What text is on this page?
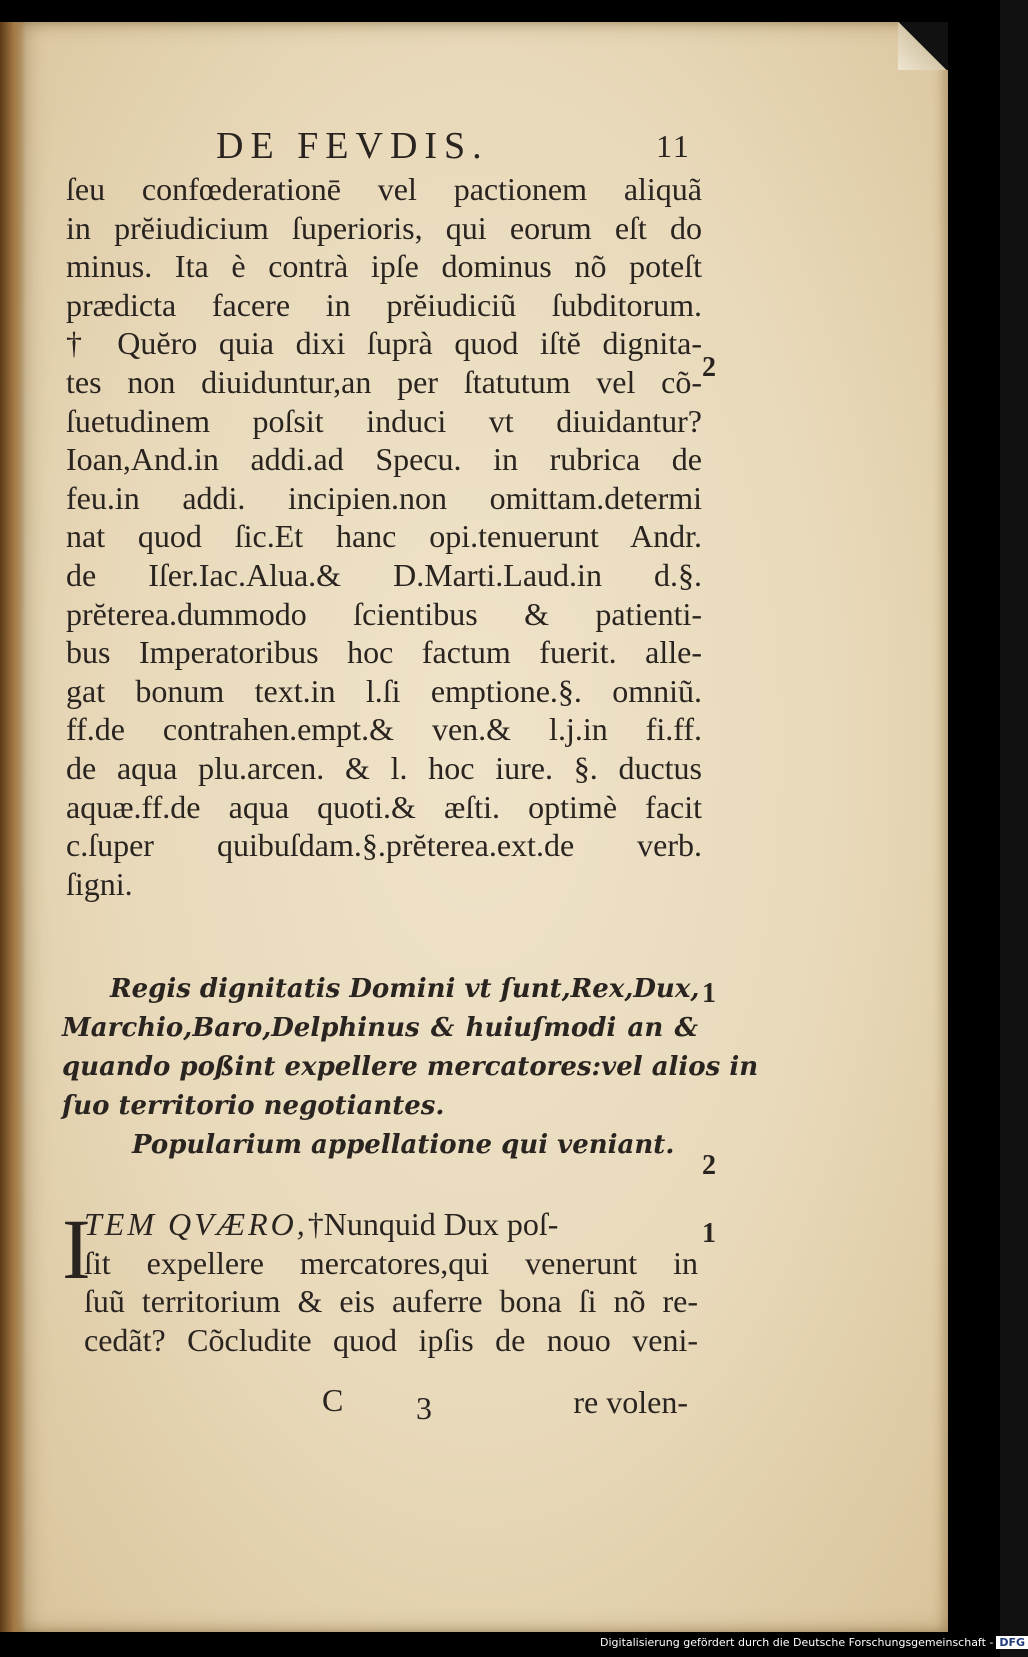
DE FEVDIS.	11
ſeu confœderationē vel pactionem aliquã
in prĕiudicium ſuperioris, qui eorum eſt do
minus. Ita è contrà ipſe dominus nõ poteſt
prædicta facere in prĕiudiciũ ſubditorum.
† Quĕro quia dixi ſuprà quod iſtĕ dignita-
tes non diuiduntur,an per ſtatutum vel cõ-
ſuetudinem poſsit induci vt diuidantur?
Ioan,And.in addi.ad Specu. in rubrica de
feu.in addi. incipien.non omittam.determi
nat quod ſic.Et hanc opi.tenuerunt Andr.
de Iſer.Iac.Alua.& D.Marti.Laud.in d.§.
prĕterea.dummodo ſcientibus & patienti-
bus Imperatoribus hoc factum fuerit. alle-
gat bonum text.in l.ſi emptione.§. omniũ.
ff.de contrahen.empt.& ven.& l.j.in fi.ff.
de aqua plu.arcen. & l. hoc iure. §. ductus
aquæ.ff.de aqua quoti.& æſti. optimè facit
c.ſuper quibuſdam.§.prĕterea.ext.de verb.
ſigni.
2
Regis dignitatis Domini vt ſunt,Rex,Dux,
Marchio,Baro,Delphinus & huiuſmodi an &
quando poßint expellere mercatores:vel alios in
ſuo territorio negotiantes.
Popularium appellatione qui veniant.
1
2
I
TEM QVÆRO,†Nunquid Dux poſ-
ſit expellere mercatores,qui venerunt in
ſuũ territorium & eis auferre bona ſi nõ re-
cedãt? Cõcludite quod ipſis de nouo veni-
1
C 3	re volen-
Digitalisierung gefördert durch die Deutsche Forschungsgemeinschaft - DFG
